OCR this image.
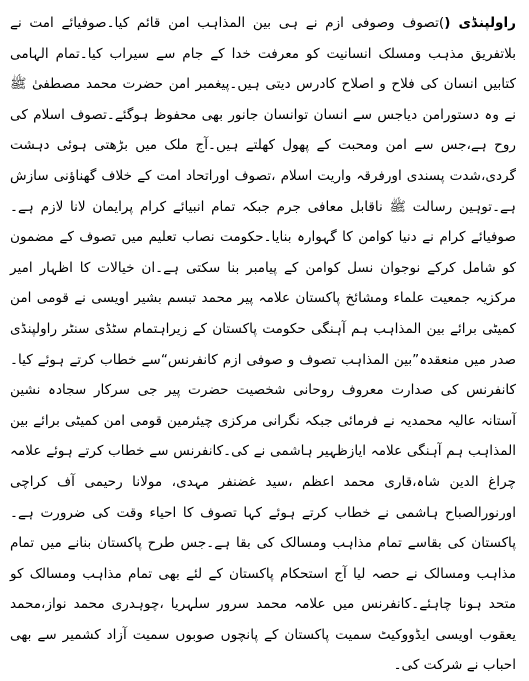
راولپنڈی ()تصوف وصوفی ازم نے ہی بین المذاہب امن قائم کیا۔صوفیائے امت نے بلاتفریق مذہب ومسلک انسانیت کو معرفت خدا کے جام سے سیراب کیا۔تمام الہامی کتابیں انسان کی فلاح و اصلاح کادرس دیتی ہیں۔پیغمبر امن حضرت محمد مصطفیٰ ﷺ نے وہ دستورامن دیاجس سے انسان توانسان جانور بھی محفوظ ہوگئے۔تصوف اسلام کی روح ہے،جس سے امن ومحبت کے پھول کھلتے ہیں۔آج ملک میں بڑھتی ہوئی دہشت گردی،شدت پسندی اورفرقہ واریت اسلام ،تصوف اوراتحاد امت کے خلاف گھناؤنی سازش ہے۔توہین رسالت ﷺ ناقابل معافی جرم جبکہ تمام انبیائے کرام پرایمان لانا لازم ہے۔صوفیائے کرام نے دنیا کوامن کا گہوارہ بنایا۔حکومت نصاب تعلیم میں تصوف کے مضمون کو شامل کرکے نوجوان نسل کوامن کے پیامبر بنا سکتی ہے۔ان خیالات کا اظہار امیر مرکزیہ جمعیت علماء ومشائخ پاکستان علامہ پیر محمد تبسم بشیر اویسی نے قومی امن کمیٹی برائے بین المذاہب ہم آہنگی حکومت پاکستان کے زیراہتمام سٹڈی سنٹر راولپنڈی صدر میں منعقدہ”بین المذاہب تصوف و صوفی ازم کانفرنس“سے خطاب کرتے ہوئے کیا۔کانفرنس کی صدارت معروف روحانی شخصیت حضرت پیر جی سرکار سجادہ نشین آستانہ عالیہ محمدیہ نے فرمائی جبکہ نگرانی مرکزی چیئرمین قومی امن کمیٹی برائے بین المذاہب ہم آہنگی علامہ ایازظہیر ہاشمی نے کی۔کانفرنس سے خطاب کرتے ہوئے علامہ چراغ الدین شاہ،قاری محمد اعظم ،سید غضنفر مہدی، مولانا رحیمی آف کراچی اورنورالصباح ہاشمی نے خطاب کرتے ہوئے کہا تصوف کا احیاء وقت کی ضرورت ہے۔پاکستان کی بقاسے تمام مذاہب ومسالک کی بقا ہے۔جس طرح پاکستان بنانے میں تمام مذاہب ومسالک نے حصہ لیا آج استحکام پاکستان کے لئے بھی تمام مذاہب ومسالک کو متحد ہونا چاہئے۔کانفرنس میں علامہ محمد سرور سلہریا ،چوہدری محمد نواز،محمد یعقوب اویسی ایڈووکیٹ سمیت پاکستان کے پانچوں صوبوں سمیت آزاد کشمیر سے بھی احباب نے شرکت کی۔
